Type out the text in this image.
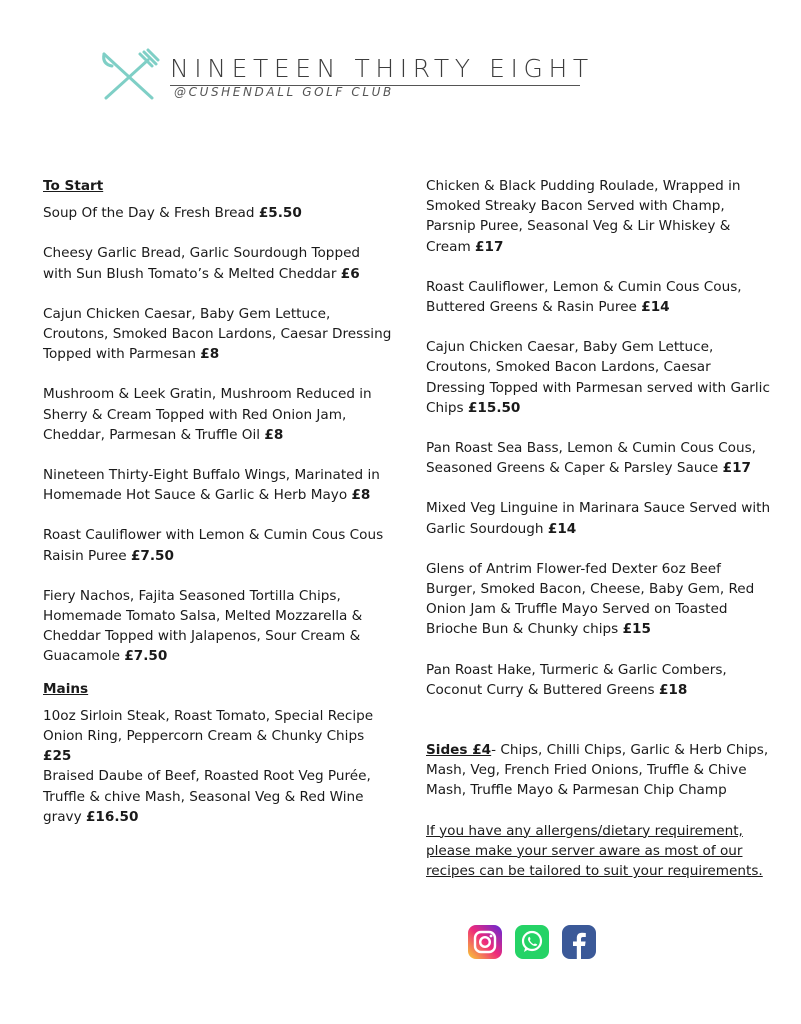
NINETEEN THIRTY EIGHT
@CUSHENDALL GOLF CLUB
To Start
Soup Of the Day & Fresh Bread £5.50
Cheesy Garlic Bread, Garlic Sourdough Topped with Sun Blush Tomato’s & Melted Cheddar £6
Cajun Chicken Caesar, Baby Gem Lettuce, Croutons, Smoked Bacon Lardons, Caesar Dressing Topped with Parmesan £8
Mushroom & Leek Gratin, Mushroom Reduced in Sherry & Cream Topped with Red Onion Jam, Cheddar, Parmesan & Truffle Oil £8
Nineteen Thirty-Eight Buffalo Wings, Marinated in Homemade Hot Sauce & Garlic & Herb Mayo £8
Roast Cauliflower with Lemon & Cumin Cous Cous Raisin Puree £7.50
Fiery Nachos, Fajita Seasoned Tortilla Chips, Homemade Tomato Salsa, Melted Mozzarella & Cheddar Topped with Jalapenos, Sour Cream & Guacamole £7.50
Mains
10oz Sirloin Steak, Roast Tomato, Special Recipe Onion Ring, Peppercorn Cream & Chunky Chips £25
Braised Daube of Beef, Roasted Root Veg Purée, Truffle & chive Mash, Seasonal Veg & Red Wine gravy £16.50
Chicken & Black Pudding Roulade, Wrapped in Smoked Streaky Bacon Served with Champ, Parsnip Puree, Seasonal Veg & Lir Whiskey & Cream £17
Roast Cauliflower, Lemon & Cumin Cous Cous, Buttered Greens & Rasin Puree £14
Cajun Chicken Caesar, Baby Gem Lettuce, Croutons, Smoked Bacon Lardons, Caesar Dressing Topped with Parmesan served with Garlic Chips £15.50
Pan Roast Sea Bass, Lemon & Cumin Cous Cous, Seasoned Greens & Caper & Parsley Sauce £17
Mixed Veg Linguine in Marinara Sauce Served with Garlic Sourdough £14
Glens of Antrim Flower-fed Dexter 6oz Beef Burger, Smoked Bacon, Cheese, Baby Gem, Red Onion Jam & Truffle Mayo Served on Toasted Brioche Bun & Chunky chips £15
Pan Roast Hake, Turmeric & Garlic Combers, Coconut Curry & Buttered Greens £18
Sides £4- Chips, Chilli Chips, Garlic & Herb Chips, Mash, Veg, French Fried Onions, Truffle & Chive Mash, Truffle Mayo & Parmesan Chip Champ
If you have any allergens/dietary requirement, please make your server aware as most of our recipes can be tailored to suit your requirements.
